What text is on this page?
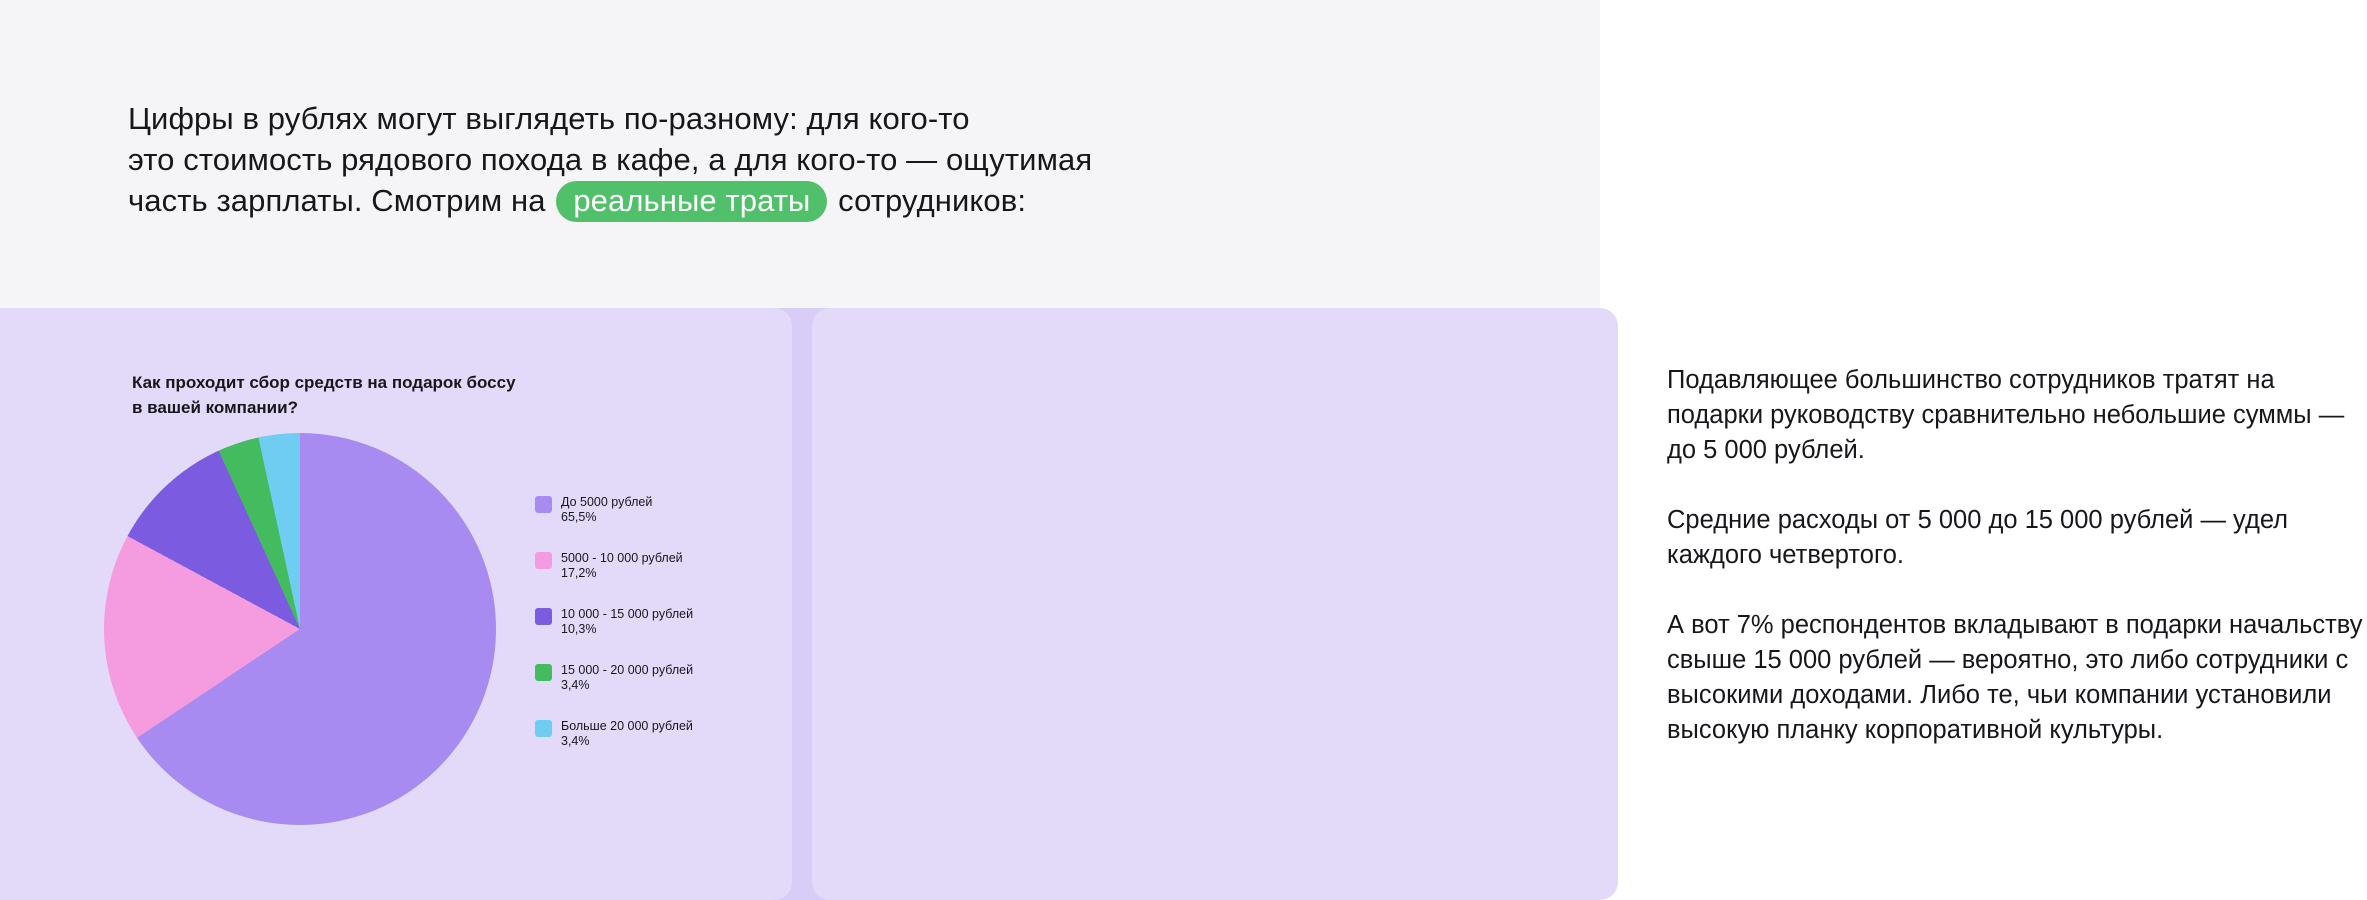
Цифры в рублях могут выглядеть по-разному: для кого-то
это стоимость рядового похода в кафе, а для кого-то — ощутимая
часть зарплаты. Смотрим на реальные траты сотрудников:
Как проходит сбор средств на подарок боссу
в вашей компании?
До 5000 рублей
65,5%
5000 - 10 000 рублей
17,2%
10 000 - 15 000 рублей
10,3%
15 000 - 20 000 рублей
3,4%
Больше 20 000 рублей
3,4%

Подавляющее большинство сотрудников тратят на подарки руководству сравнительно небольшие суммы — до 5 000 рублей.

Средние расходы от 5 000 до 15 000 рублей — удел каждого четвертого.

А вот 7% респондентов вкладывают в подарки начальству свыше 15 000 рублей — вероятно, это либо сотрудники с высокими доходами. Либо те, чьи компании установили высокую планку корпоративной культуры.
